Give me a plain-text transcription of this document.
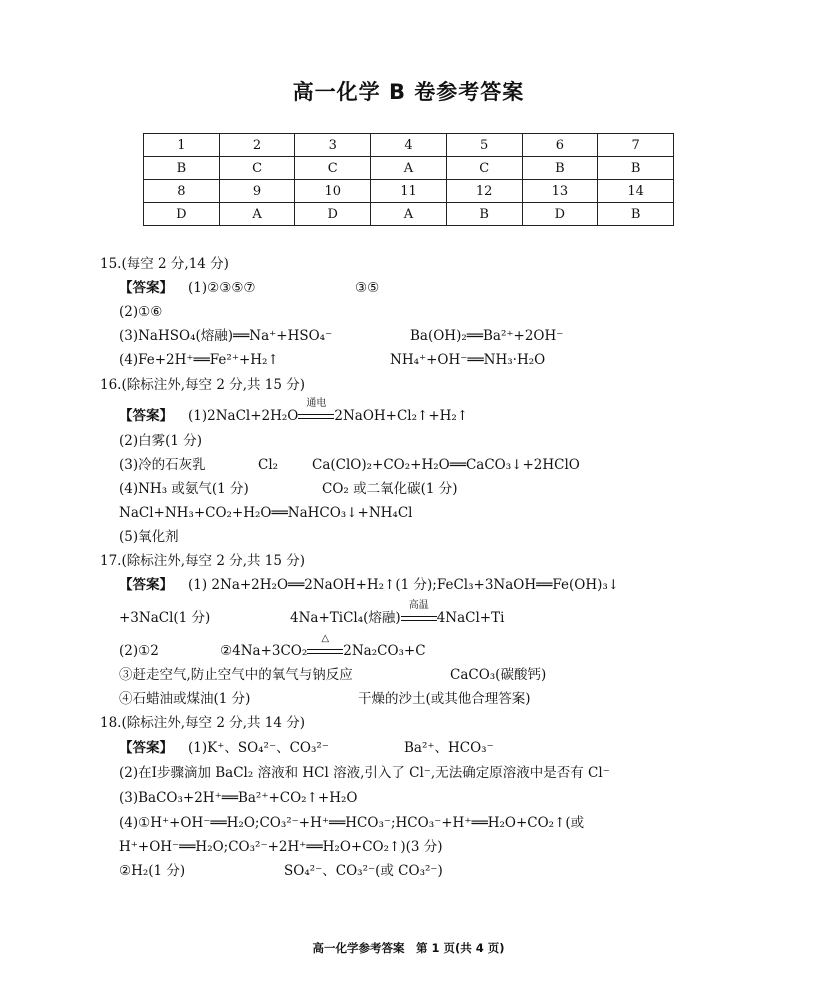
高一化学 B 卷参考答案
1	2	3	4	5	6	7
B	C	C	A	C	B	B
8	9	10	11	12	13	14
D	A	D	A	B	D	B
15.(每空 2 分,14 分)
【答案】 (1)②③⑤⑦	③⑤
(2)①⑥
(3)NaHSO₄(熔融)══Na⁺+HSO₄⁻	Ba(OH)₂══Ba²⁺+2OH⁻
(4)Fe+2H⁺══Fe²⁺+H₂↑	NH₄⁺+OH⁻══NH₃·H₂O
16.(除标注外,每空 2 分,共 15 分)
【答案】 (1)2NaCl+2H₂O
通电
2NaOH+Cl₂↑+H₂↑
(2)白雾(1 分)
(3)冷的石灰乳	Cl₂	Ca(ClO)₂+CO₂+H₂O══CaCO₃↓+2HClO
(4)NH₃ 或氨气(1 分)	CO₂ 或二氧化碳(1 分)
NaCl+NH₃+CO₂+H₂O══NaHCO₃↓+NH₄Cl
(5)氧化剂
17.(除标注外,每空 2 分,共 15 分)
【答案】 (1) 2Na+2H₂O══2NaOH+H₂↑(1 分);FeCl₃+3NaOH══Fe(OH)₃↓
+3NaCl(1 分)	4Na+TiCl₄(熔融)
高温
4NaCl+Ti
(2)①2	②4Na+3CO₂
△
2Na₂CO₃+C
③赶走空气,防止空气中的氧气与钠反应	CaCO₃(碳酸钙)
④石蜡油或煤油(1 分)	干燥的沙土(或其他合理答案)
18.(除标注外,每空 2 分,共 14 分)
【答案】 (1)K⁺、SO₄²⁻、CO₃²⁻	Ba²⁺、HCO₃⁻
(2)在Ⅰ步骤滴加 BaCl₂ 溶液和 HCl 溶液,引入了 Cl⁻,无法确定原溶液中是否有 Cl⁻
(3)BaCO₃+2H⁺══Ba²⁺+CO₂↑+H₂O
(4)①H⁺+OH⁻══H₂O;CO₃²⁻+H⁺══HCO₃⁻;HCO₃⁻+H⁺══H₂O+CO₂↑(或
H⁺+OH⁻══H₂O;CO₃²⁻+2H⁺══H₂O+CO₂↑)(3 分)
②H₂(1 分)	SO₄²⁻、CO₃²⁻(或 CO₃²⁻)
高一化学参考答案　第 1 页(共 4 页)
